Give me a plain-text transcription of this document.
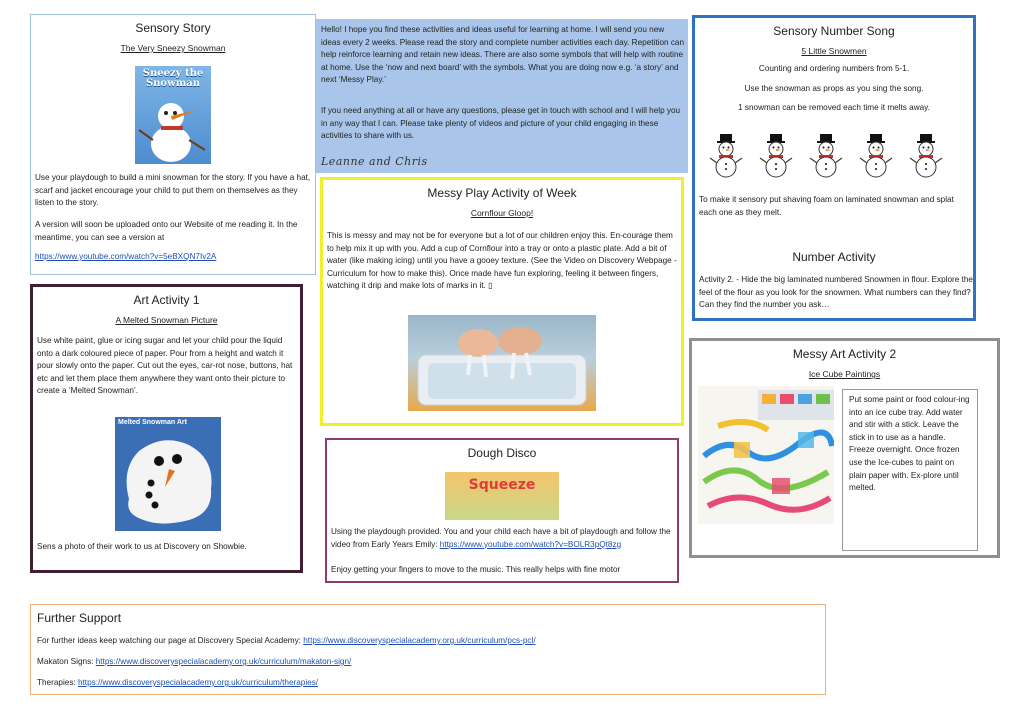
Sensory Story
The Very Sneezy Snowman
Sneezy the Snowman
Use your playdough to build a mini snowman for the story. If you have a hat, scarf and jacket encourage your child to put them on themselves as they listen to the story.
A version will soon be uploaded onto our Website of me reading it. In the meantime, you can see a version at
https://www.youtube.com/watch?v=5eBXQN7Iv2A
Hello! I hope you find these activities and ideas useful for learning at home. I will send you new ideas every 2 weeks. Please read the story and complete number activities each day. Repetition can help reinforce learning and retain new ideas. There are also some symbols that will help with routine at home. Use the ‘now and next board’ with the symbols. What you are doing now e.g. ‘a story’ and next ‘Messy Play.’
If you need anything at all or have any questions, please get in touch with school and I will help you in any way that I can. Please take plenty of videos and picture of your child engaging in these activities to share with us.
Leanne and Chris
Sensory Number Song
5 Little Snowmen
Counting and ordering numbers from 5-1.
Use the snowman as props as you sing the song.
1 snowman can be removed each time it melts away.
To make it sensory put shaving foam on laminated snowman and splat each one as they melt.
Number Activity
Activity 2. - Hide the big laminated numbered Snowmen in flour. Explore the feel of the flour as you look for the snowmen. What numbers can they find? Can they find the number you ask…
Art Activity 1
A Melted Snowman Picture
Use white paint, glue or icing sugar and let your child pour the liquid onto a dark coloured piece of paper. Pour from a height and watch it pour slowly onto the paper. Cut out the eyes, car-rot nose, buttons, hat etc and let them place them anywhere they want onto their picture to create a ‘Melted Snowman’.
Melted Snowman Art
Sens a photo of their work to us at Discovery on Showbie.
Messy Play Activity of Week
Cornflour Gloop!
This is messy and may not be for everyone but a lot of our children enjoy this. En-courage them to help mix it up with you. Add a cup of Cornflour into a tray or onto a plastic plate. Add a bit of water (like making icing) until you have a gooey texture. (See the Video on Discovery Webpage -Curriculum for how to make this). Once made have fun exploring, feeling it between fingers, watching it drip and make lots of marks in it. ▯
Dough Disco
Squeeze
Using the playdough provided. You and your child each have a bit of playdough and follow the video from Early Years Emily: https://www.youtube.com/watch?v=BOLR3pQt8zg
Enjoy getting your fingers to move to the music. This really helps with fine motor
Messy Art Activity 2
Ice Cube Paintings
Put some paint or food colour-ing into an ice cube tray. Add water and stir with a stick. Leave the stick in to use as a handle. Freeze overnight. Once frozen use the Ice-cubes to paint on plain paper with. Ex-plore until melted.
Further Support
For further ideas keep watching our page at Discovery Special Academy: https://www.discoveryspecialacademy.org.uk/curriculum/pcs-pcl/
Makaton Signs: https://www.discoveryspecialacademy.org.uk/curriculum/makaton-sign/
Therapies: https://www.discoveryspecialacademy.org.uk/curriculum/therapies/
